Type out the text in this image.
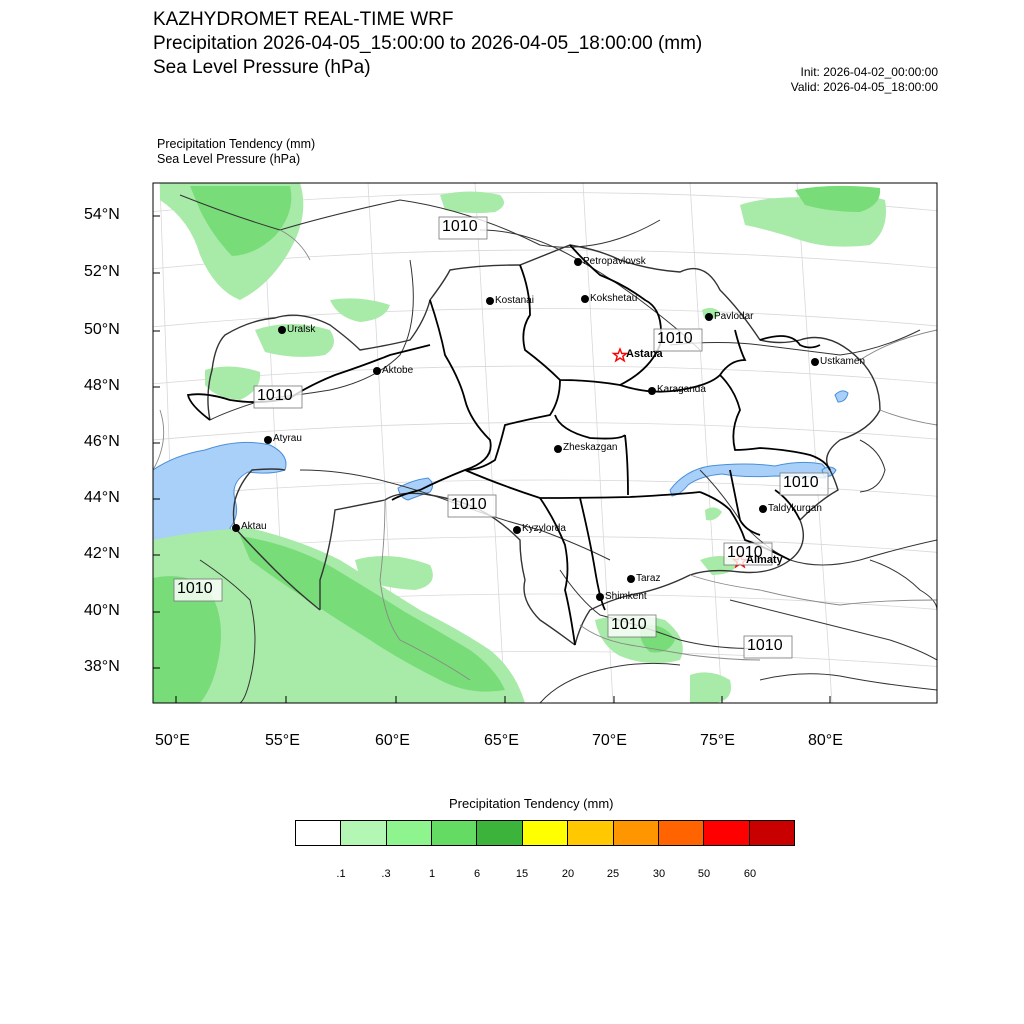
KAZHYDROMET REAL-TIME WRF
Precipitation 2026-04-05_15:00:00 to 2026-04-05_18:00:00 (mm)
Sea Level Pressure (hPa)	Init: 2026-04-02_00:00:00
Valid: 2026-04-05_18:00:00
Precipitation Tendency (mm)
Sea Level Pressure (hPa)
54°N
52°N
50°N
48°N
46°N
44°N
42°N
40°N
38°N
50°E	55°E	60°E	65°E	70°E	75°E	80°E
Petropavlovsk
Kostanai	Kokshetau
Pavlodar
Uralsk
Astana
Aktobe
Ustkamen
Karaganda
Atyrau
Zheskazgan
Aktau	Kyzylorda
Taldykurgan
Almaty
Taraz
Shimkent
1010
1010
1010
1010
1010
1010
1010
1010
1010
Precipitation Tendency (mm)
.1	.3	1	6	15	20	25	30	50	60
